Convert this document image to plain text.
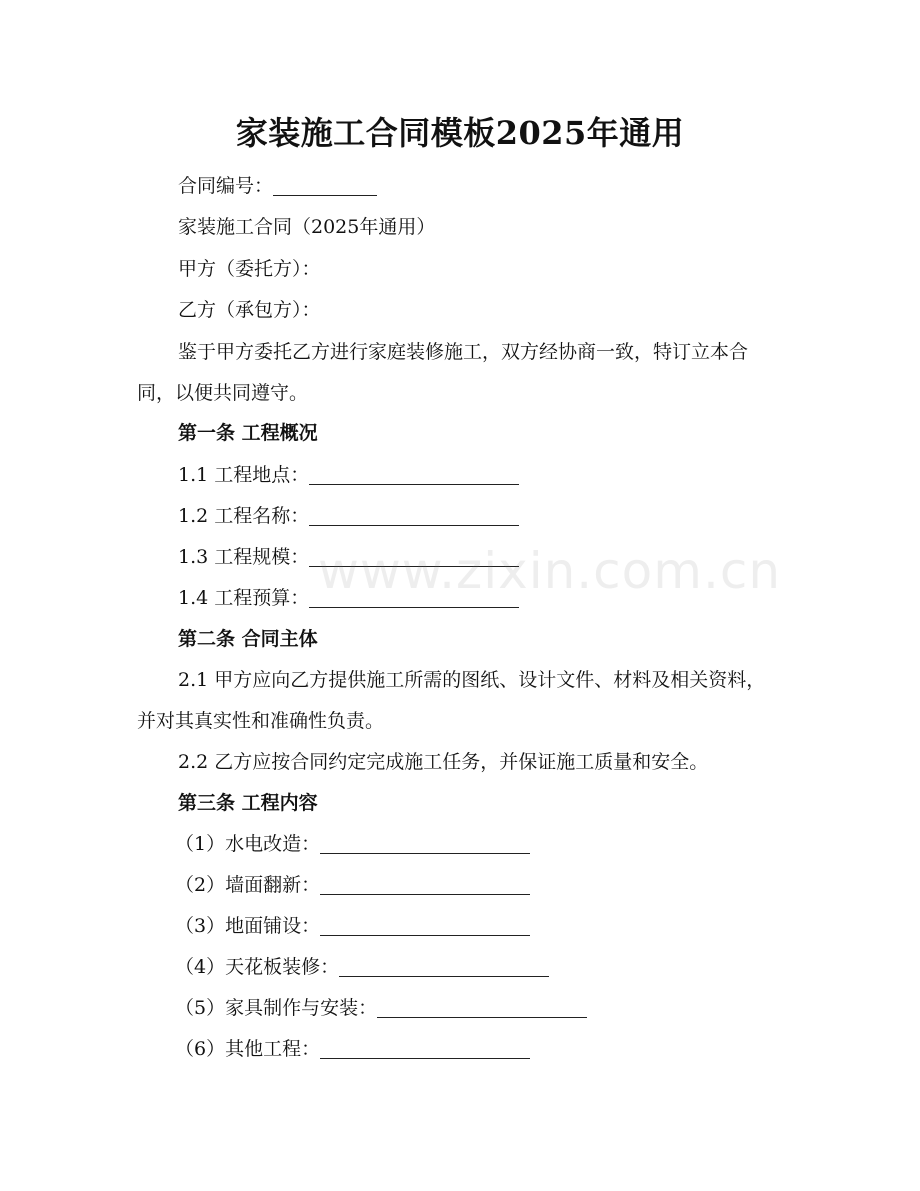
家装施工合同模板2025年通用
合同编号：
家装施工合同（2025年通用）
甲方（委托方）：
乙方（承包方）：
鉴于甲方委托乙方进行家庭装修施工，双方经协商一致，特订立本合同，以便共同遵守。
第一条 工程概况
1.1 工程地点：
1.2 工程名称：
1.3 工程规模：
1.4 工程预算：
第二条 合同主体
2.1 甲方应向乙方提供施工所需的图纸、设计文件、材料及相关资料，并对其真实性和准确性负责。
2.2 乙方应按合同约定完成施工任务，并保证施工质量和安全。
第三条 工程内容
（1）水电改造：
（2）墙面翻新：
（3）地面铺设：
（4）天花板装修：
（5）家具制作与安装：
（6）其他工程：
www.zixin.com.cn
